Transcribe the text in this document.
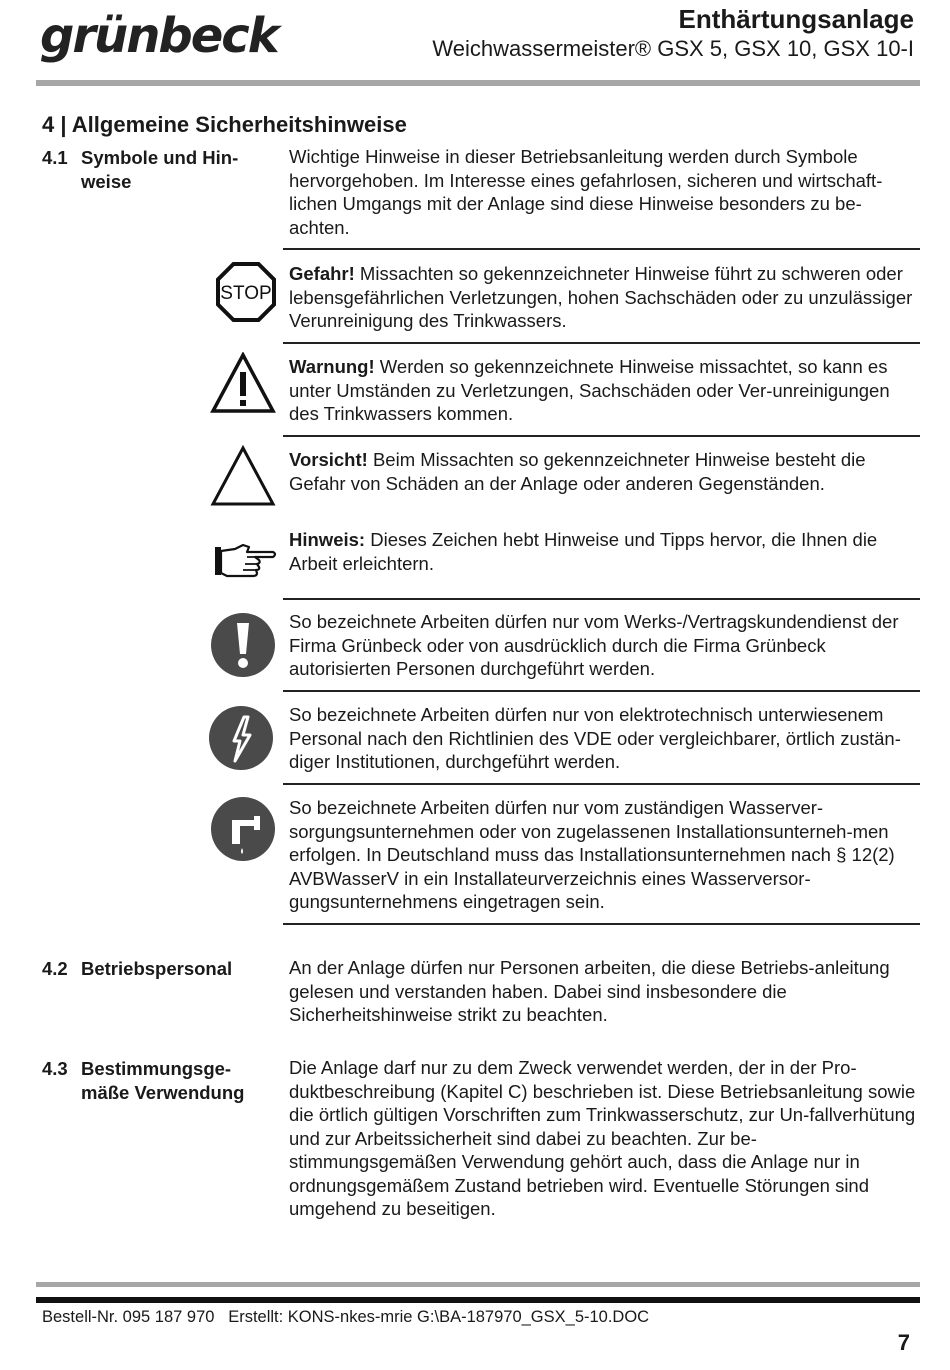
grünbeck	Enthärtungsanlage
Weichwassermeister® GSX 5, GSX 10, GSX 10-I
4 | Allgemeine Sicherheitshinweise
4.1 Symbole und Hin-
weise
Wichtige Hinweise in dieser Betriebsanleitung werden durch Symbole hervorgehoben. Im Interesse eines gefahrlosen, sicheren und wirtschaft-lichen Umgangs mit der Anlage sind diese Hinweise besonders zu be-achten.
STOP
Gefahr! Missachten so gekennzeichneter Hinweise führt zu schweren oder lebensgefährlichen Verletzungen, hohen Sachschäden oder zu unzulässiger Verunreinigung des Trinkwassers.
Warnung! Werden so gekennzeichnete Hinweise missachtet, so kann es unter Umständen zu Verletzungen, Sachschäden oder Ver-unreinigungen des Trinkwassers kommen.
Vorsicht! Beim Missachten so gekennzeichneter Hinweise besteht die Gefahr von Schäden an der Anlage oder anderen Gegenständen.
Hinweis: Dieses Zeichen hebt Hinweise und Tipps hervor, die Ihnen die Arbeit erleichtern.
So bezeichnete Arbeiten dürfen nur vom Werks-/Vertragskundendienst der Firma Grünbeck oder von ausdrücklich durch die Firma Grünbeck autorisierten Personen durchgeführt werden.
So bezeichnete Arbeiten dürfen nur von elektrotechnisch unterwiesenem Personal nach den Richtlinien des VDE oder vergleichbarer, örtlich zustän-diger Institutionen, durchgeführt werden.
So bezeichnete Arbeiten dürfen nur vom zuständigen Wasserver-sorgungsunternehmen oder von zugelassenen Installationsunterneh-men erfolgen. In Deutschland muss das Installationsunternehmen nach § 12(2) AVBWasserV in ein Installateurverzeichnis eines Wasserversor-gungsunternehmens eingetragen sein.
4.2 Betriebspersonal	An der Anlage dürfen nur Personen arbeiten, die diese Betriebs-anleitung gelesen und verstanden haben. Dabei sind insbesondere die Sicherheitshinweise strikt zu beachten.
4.3 Bestimmungsge-
mäße Verwendung
Die Anlage darf nur zu dem Zweck verwendet werden, der in der Pro-duktbeschreibung (Kapitel C) beschrieben ist. Diese Betriebsanleitung sowie die örtlich gültigen Vorschriften zum Trinkwasserschutz, zur Un-fallverhütung und zur Arbeitssicherheit sind dabei zu beachten. Zur be-stimmungsgemäßen Verwendung gehört auch, dass die Anlage nur in ordnungsgemäßem Zustand betrieben wird. Eventuelle Störungen sind umgehend zu beseitigen.
Bestell-Nr. 095 187 970   Erstellt: KONS-nkes-mrie G:\BA-187970_GSX_5-10.DOC
7
